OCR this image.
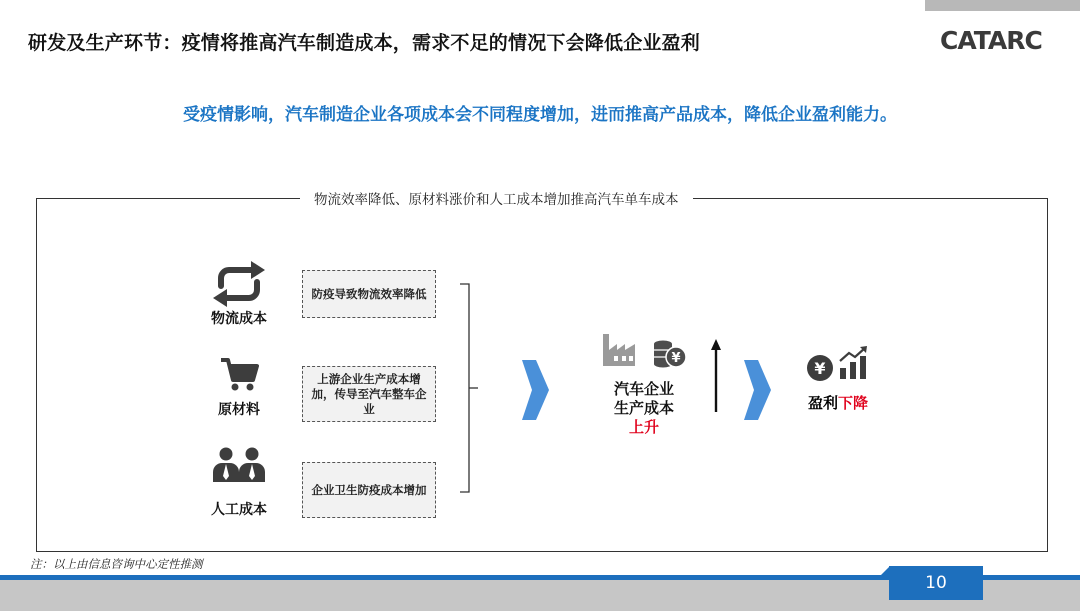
研发及生产环节：疫情将推高汽车制造成本，需求不足的情况下会降低企业盈利	CATARC
受疫情影响，汽车制造企业各项成本会不同程度增加，进而推高产品成本，降低企业盈利能力。
物流效率降低、原材料涨价和人工成本增加推高汽车单车成本
物流成本
防疫导致物流效率降低
原材料
上游企业生产成本增加，传导至汽车整车企业
人工成本
企业卫生防疫成本增加
¥
汽车企业
生产成本
上升
¥
盈利下降
注：以上由信息咨询中心定性推测
10
